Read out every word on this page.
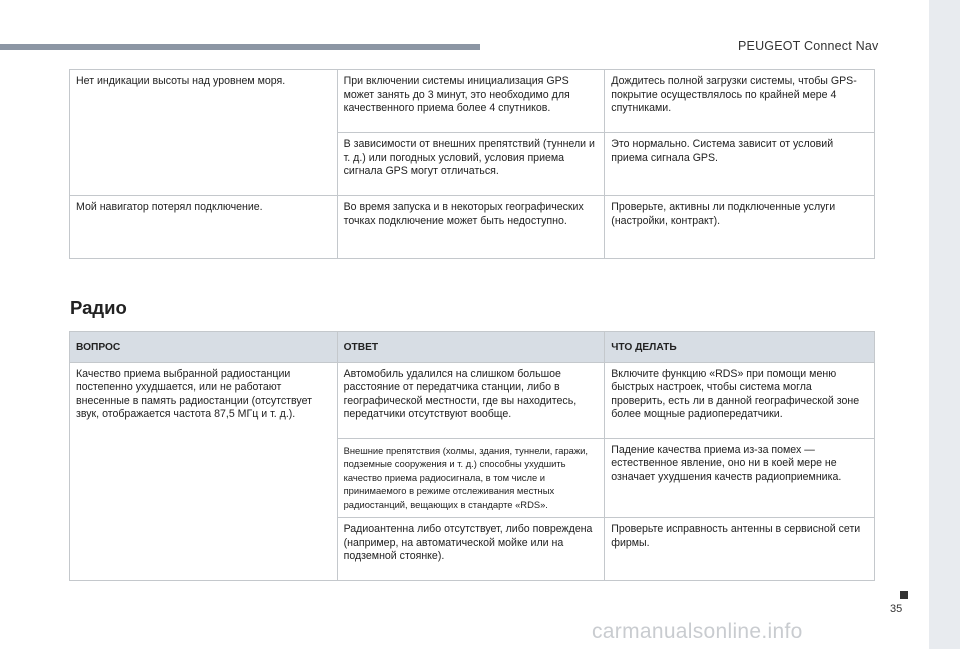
PEUGEOT Connect Nav
Нет индикации высоты над уровнем моря.	При включении системы инициализация GPS может занять до 3 минут, это необходимо для качественного приема более 4 спутников.	Дождитесь полной загрузки системы, чтобы GPS-покрытие осуществлялось по крайней мере 4 спутниками.
	В зависимости от внешних препятствий (туннели и т. д.) или погодных условий, условия приема сигнала GPS могут отличаться.	Это нормально. Система зависит от условий приема сигнала GPS.
Мой навигатор потерял подключение.	Во время запуска и в некоторых географических точках подключение может быть недоступно.	Проверьте, активны ли подключенные услуги (настройки, контракт).
Радио
ВОПРОС	ОТВЕТ	ЧТО ДЕЛАТЬ
Качество приема выбранной радиостанции постепенно ухудшается, или не работают внесенные в память радиостанции (отсутствует звук, отображается частота 87,5 МГц и т. д.).	Автомобиль удалился на слишком большое расстояние от передатчика станции, либо в географической местности, где вы находитесь, передатчики отсутствуют вообще.	Включите функцию «RDS» при помощи меню быстрых настроек, чтобы система могла проверить, есть ли в данной географической зоне более мощные радиопередатчики.
	Внешние препятствия (холмы, здания, туннели, гаражи, подземные сооружения и т. д.) способны ухудшить качество приема радиосигнала, в том числе и принимаемого в режиме отслеживания местных радиостанций, вещающих в стандарте «RDS».	Падение качества приема из-за помех — естественное явление, оно ни в коей мере не означает ухудшения качеств радиоприемника.
	Радиоантенна либо отсутствует, либо повреждена (например, на автоматической мойке или на подземной стоянке).	Проверьте исправность антенны в сервисной сети фирмы.
35
carmanualsonline.info
